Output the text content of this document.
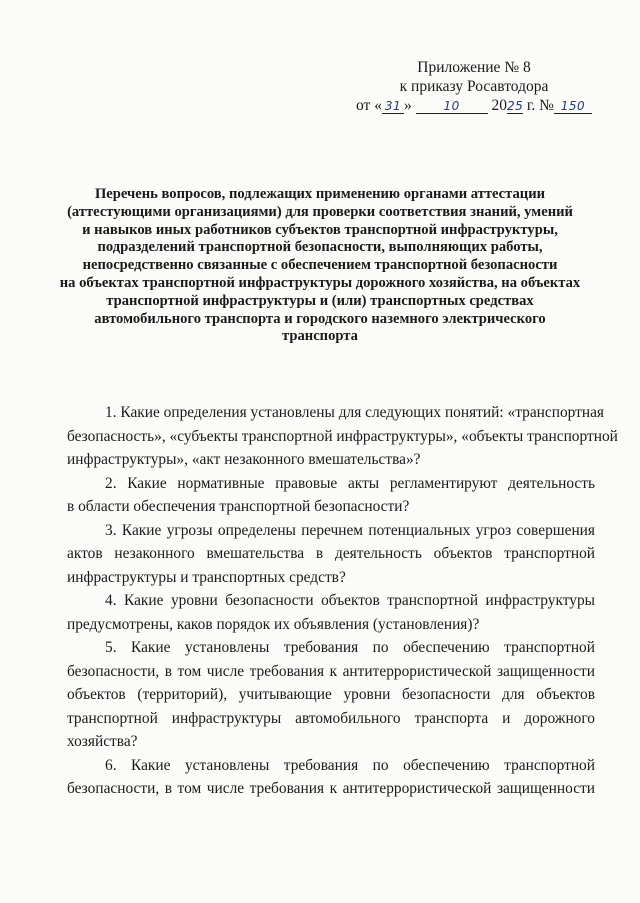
Приложение № 8
к приказу Росавтодора
от « 31 »	10 2025 г. № 150
Перечень вопросов, подлежащих применению органами аттестации
(аттестующими организациями) для проверки соответствия знаний, умений
и навыков иных работников субъектов транспортной инфраструктуры,
подразделений транспортной безопасности, выполняющих работы,
непосредственно связанные с обеспечением транспортной безопасности
на объектах транспортной инфраструктуры дорожного хозяйства, на объектах
транспортной инфраструктуры и (или) транспортных средствах
автомобильного транспорта и городского наземного электрического
транспорта
1. Какие определения установлены для следующих понятий: «транспортная
безопасность», «субъекты транспортной инфраструктуры», «объекты транспортной
инфраструктуры», «акт незаконного вмешательства»?
2. Какие нормативные правовые акты регламентируют деятельность
в области обеспечения транспортной безопасности?
3. Какие угрозы определены перечнем потенциальных угроз совершения
актов незаконного вмешательства в деятельность объектов транспортной
инфраструктуры и транспортных средств?
4. Какие уровни безопасности объектов транспортной инфраструктуры
предусмотрены, каков порядок их объявления (установления)?
5. Какие установлены требования по обеспечению транспортной
безопасности, в том числе требования к антитеррористической защищенности
объектов (территорий), учитывающие уровни безопасности для объектов
транспортной инфраструктуры автомобильного транспорта и дорожного
хозяйства?
6. Какие установлены требования по обеспечению транспортной
безопасности, в том числе требования к антитеррористической защищенности
